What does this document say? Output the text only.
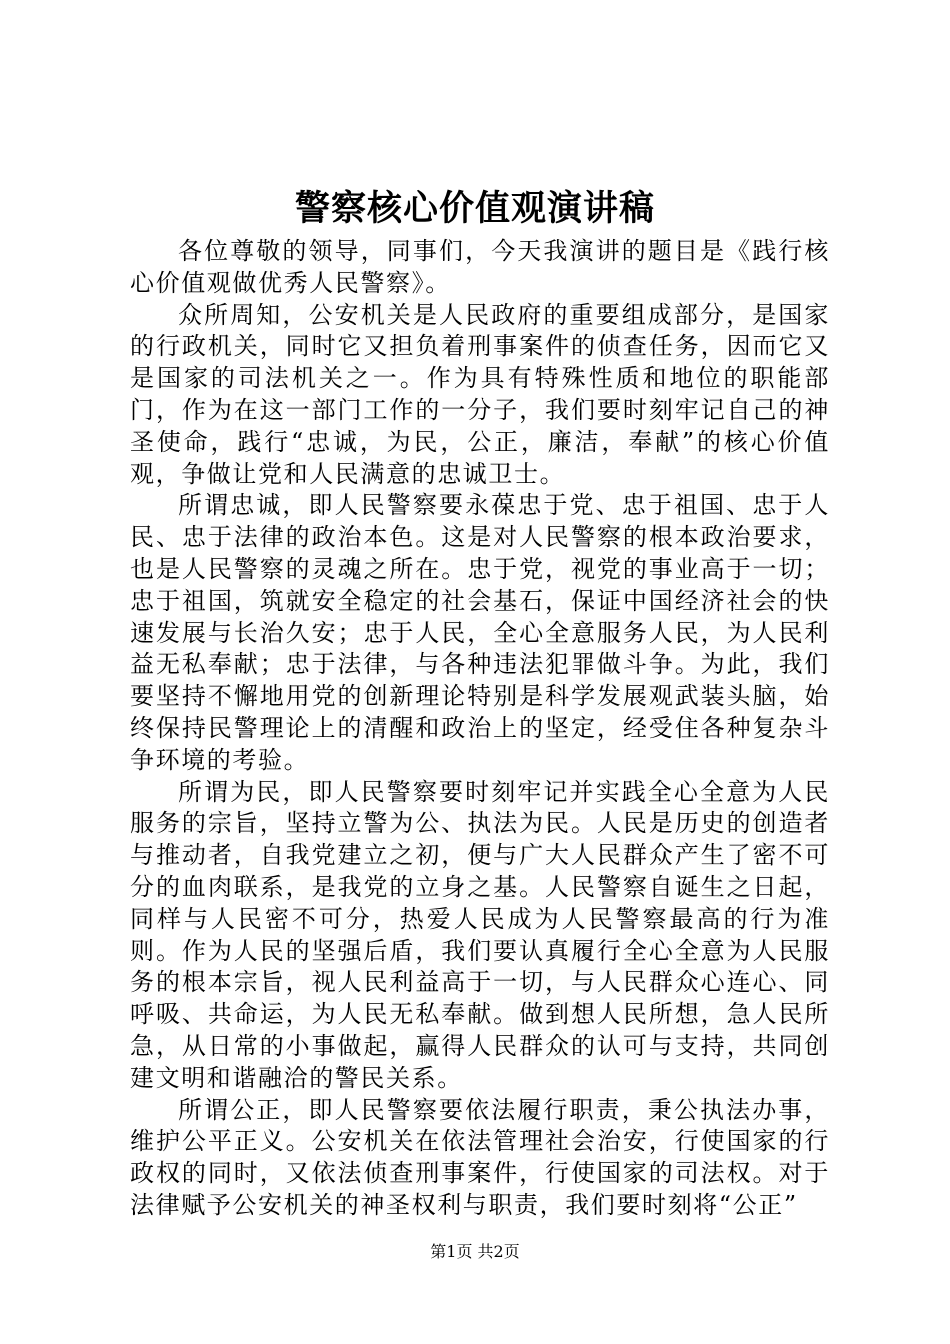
警察核心价值观演讲稿

各位尊敬的领导，同事们，今天我演讲的题目是《践行核心价值观做优秀人民警察》。

众所周知，公安机关是人民政府的重要组成部分，是国家的行政机关，同时它又担负着刑事案件的侦查任务，因而它又是国家的司法机关之一。作为具有特殊性质和地位的职能部门，作为在这一部门工作的一分子，我们要时刻牢记自己的神圣使命，践行“忠诚，为民，公正，廉洁，奉献”的核心价值观，争做让党和人民满意的忠诚卫士。

所谓忠诚，即人民警察要永葆忠于党、忠于祖国、忠于人民、忠于法律的政治本色。这是对人民警察的根本政治要求，也是人民警察的灵魂之所在。忠于党，视党的事业高于一切；忠于祖国，筑就安全稳定的社会基石，保证中国经济社会的快速发展与长治久安；忠于人民，全心全意服务人民，为人民利益无私奉献；忠于法律，与各种违法犯罪做斗争。为此，我们要坚持不懈地用党的创新理论特别是科学发展观武装头脑，始终保持民警理论上的清醒和政治上的坚定，经受住各种复杂斗争环境的考验。

所谓为民，即人民警察要时刻牢记并实践全心全意为人民服务的宗旨，坚持立警为公、执法为民。人民是历史的创造者与推动者，自我党建立之初，便与广大人民群众产生了密不可分的血肉联系，是我党的立身之基。人民警察自诞生之日起，同样与人民密不可分，热爱人民成为人民警察最高的行为准则。作为人民的坚强后盾，我们要认真履行全心全意为人民服务的根本宗旨，视人民利益高于一切，与人民群众心连心、同呼吸、共命运，为人民无私奉献。做到想人民所想，急人民所急，从日常的小事做起，赢得人民群众的认可与支持，共同创建文明和谐融洽的警民关系。

所谓公正，即人民警察要依法履行职责，秉公执法办事，维护公平正义。公安机关在依法管理社会治安，行使国家的行政权的同时，又依法侦查刑事案件，行使国家的司法权。对于法律赋予公安机关的神圣权利与职责，我们要时刻将“公正”

第1页 共2页
